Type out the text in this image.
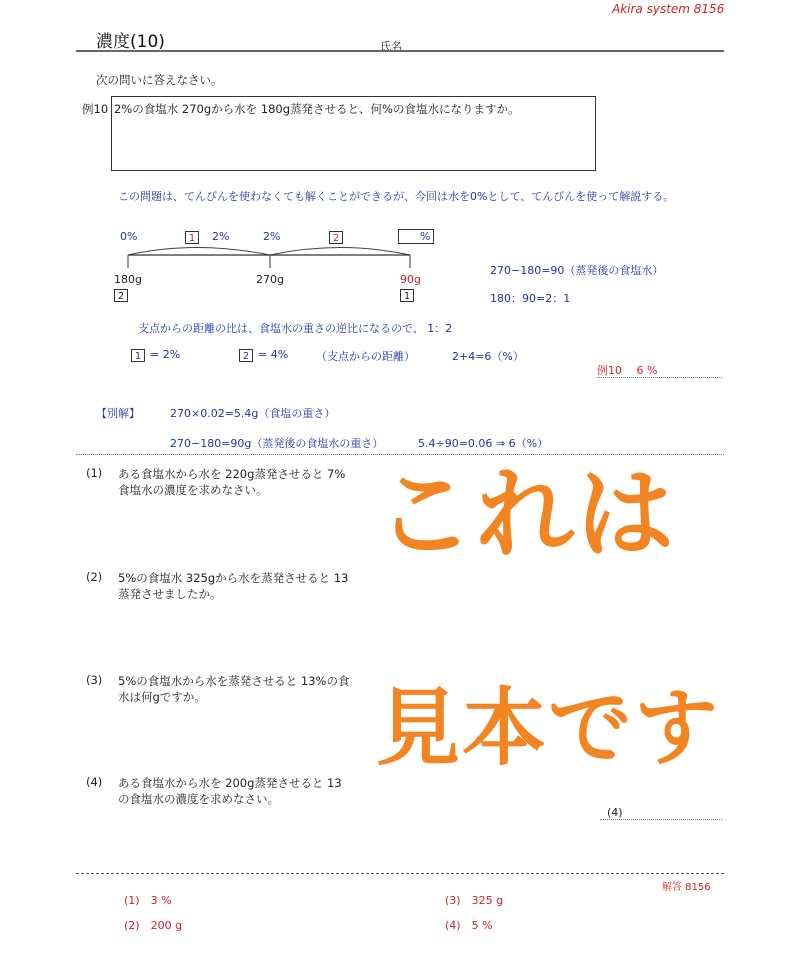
Akira system 8156
濃度(10)	氏名
次の問いに答えなさい。
例10 2%の食塩水 270gから水を 180g蒸発させると、何%の食塩水になりますか。
この問題は、てんびんを使わなくても解くことができるが、今回は水を0%として、てんびんを使って解説する。
0%	1	2%	2%	2	%
180g	270g	90g
2	1
270−180=90（蒸発後の食塩水）
180：90=2：1
支点からの距離の比は、食塩水の重さの逆比になるので、 1：2
1 = 2%	2 = 4%	（支点からの距離）	2+4=6（%）
例10　 6 %
【別解】	270×0.02=5.4g（食塩の重さ）
270−180=90g（蒸発後の食塩水の重さ）	5.4÷90=0.06 ⇒ 6（%）
(1) ある食塩水から水を 220g蒸発させると 7%
食塩水の濃度を求めなさい。
(2) 5%の食塩水 325gから水を蒸発させると 13
蒸発させましたか。
(3) 5%の食塩水から水を蒸発させると 13%の食
水は何gですか。
(4) ある食塩水から水を 200g蒸発させると 13
の食塩水の濃度を求めなさい。
(4)
これは
見本です
解答 8156
(1)　3 %
(2)　200 g
(3)　325 g
(4)　5 %
